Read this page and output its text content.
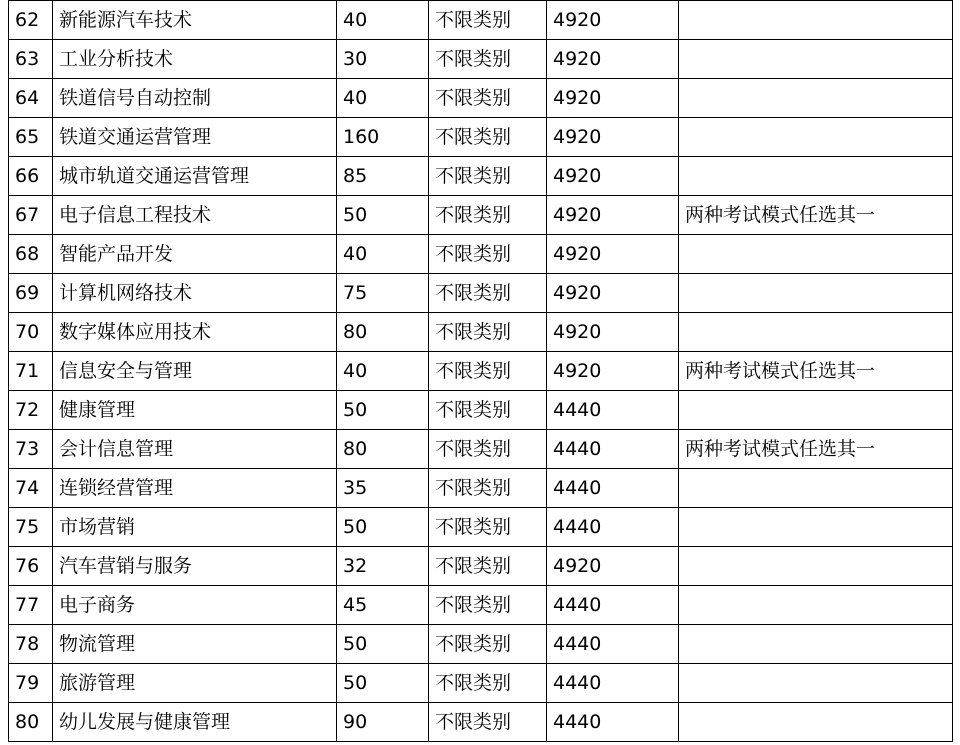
62	新能源汽车技术	40	不限类别	4920	
63	工业分析技术	30	不限类别	4920	
64	铁道信号自动控制	40	不限类别	4920	
65	铁道交通运营管理	160	不限类别	4920	
66	城市轨道交通运营管理	85	不限类别	4920	
67	电子信息工程技术	50	不限类别	4920	两种考试模式任选其一
68	智能产品开发	40	不限类别	4920	
69	计算机网络技术	75	不限类别	4920	
70	数字媒体应用技术	80	不限类别	4920	
71	信息安全与管理	40	不限类别	4920	两种考试模式任选其一
72	健康管理	50	不限类别	4440	
73	会计信息管理	80	不限类别	4440	两种考试模式任选其一
74	连锁经营管理	35	不限类别	4440	
75	市场营销	50	不限类别	4440	
76	汽车营销与服务	32	不限类别	4920	
77	电子商务	45	不限类别	4440	
78	物流管理	50	不限类别	4440	
79	旅游管理	50	不限类别	4440	
80	幼儿发展与健康管理	90	不限类别	4440	
